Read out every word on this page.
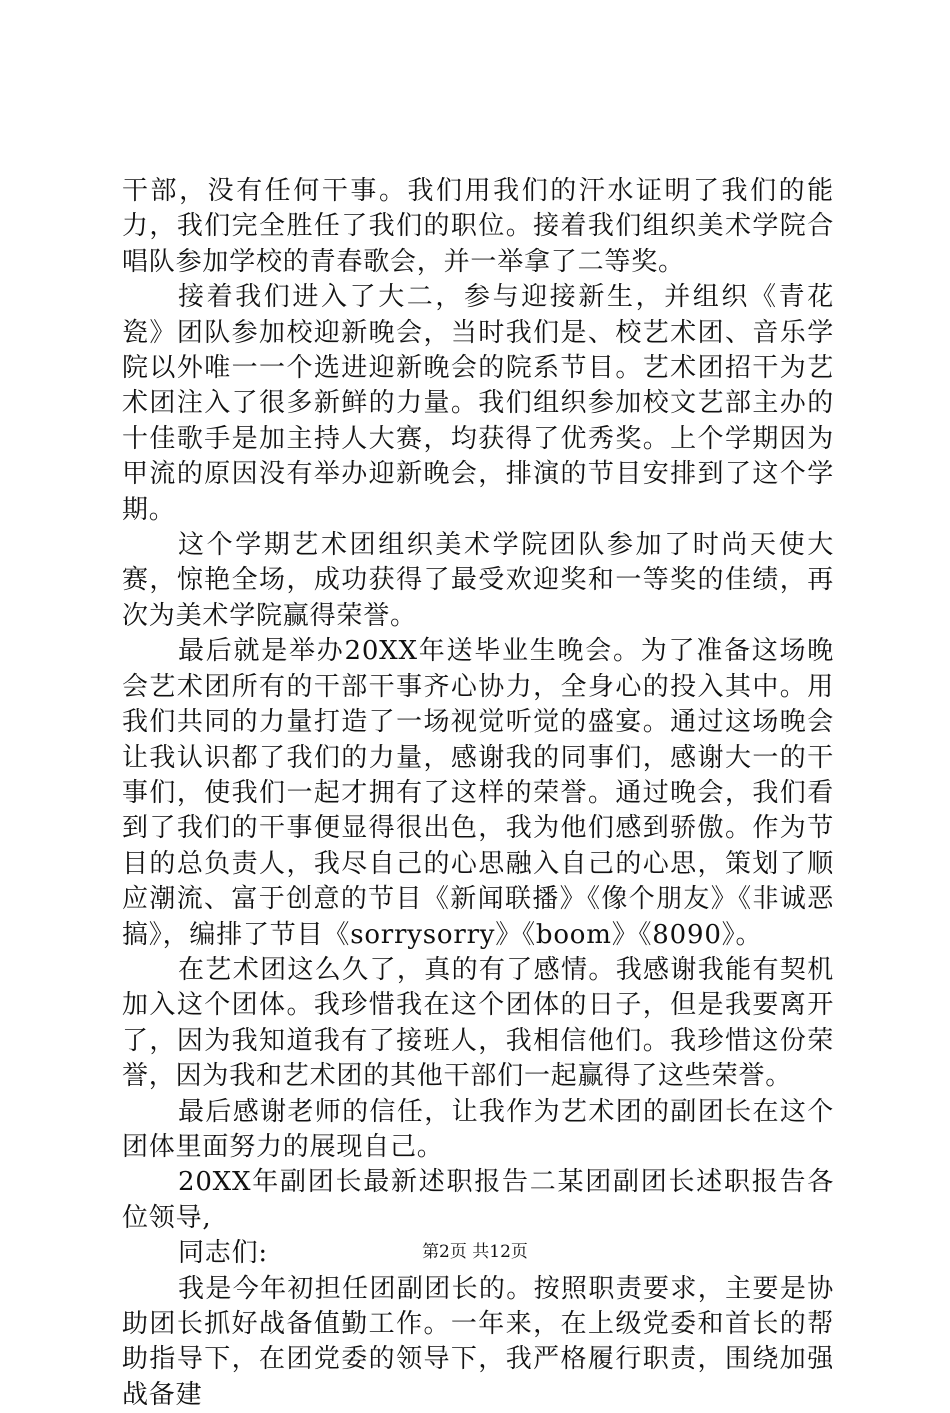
干部，没有任何干事。我们用我们的汗水证明了我们的能力，我们完全胜任了我们的职位。接着我们组织美术学院合唱队参加学校的青春歌会，并一举拿了二等奖。

接着我们进入了大二，参与迎接新生，并组织《青花瓷》团队参加校迎新晚会，当时我们是、校艺术团、音乐学院以外唯一一个选进迎新晚会的院系节目。艺术团招干为艺术团注入了很多新鲜的力量。我们组织参加校文艺部主办的十佳歌手是加主持人大赛，均获得了优秀奖。上个学期因为甲流的原因没有举办迎新晚会，排演的节目安排到了这个学期。

这个学期艺术团组织美术学院团队参加了时尚天使大赛，惊艳全场，成功获得了最受欢迎奖和一等奖的佳绩，再次为美术学院赢得荣誉。

最后就是举办20XX年送毕业生晚会。为了准备这场晚会艺术团所有的干部干事齐心协力，全身心的投入其中。用我们共同的力量打造了一场视觉听觉的盛宴。通过这场晚会让我认识都了我们的力量，感谢我的同事们，感谢大一的干事们，使我们一起才拥有了这样的荣誉。通过晚会，我们看到了我们的干事便显得很出色，我为他们感到骄傲。作为节目的总负责人，我尽自己的心思融入自己的心思，策划了顺应潮流、富于创意的节目《新闻联播》《像个朋友》《非诚恶搞》，编排了节目《sorrysorry》《boom》《8090》。

在艺术团这么久了，真的有了感情。我感谢我能有契机加入这个团体。我珍惜我在这个团体的日子，但是我要离开了，因为我知道我有了接班人，我相信他们。我珍惜这份荣誉，因为我和艺术团的其他干部们一起赢得了这些荣誉。

最后感谢老师的信任，让我作为艺术团的副团长在这个团体里面努力的展现自己。

20XX年副团长最新述职报告二某团副团长述职报告各位领导,

同志们:

我是今年初担任团副团长的。按照职责要求，主要是协助团长抓好战备值勤工作。一年来，在上级党委和首长的帮助指导下，在团党委的领导下，我严格履行职责，围绕加强战备建

第2页 共12页
